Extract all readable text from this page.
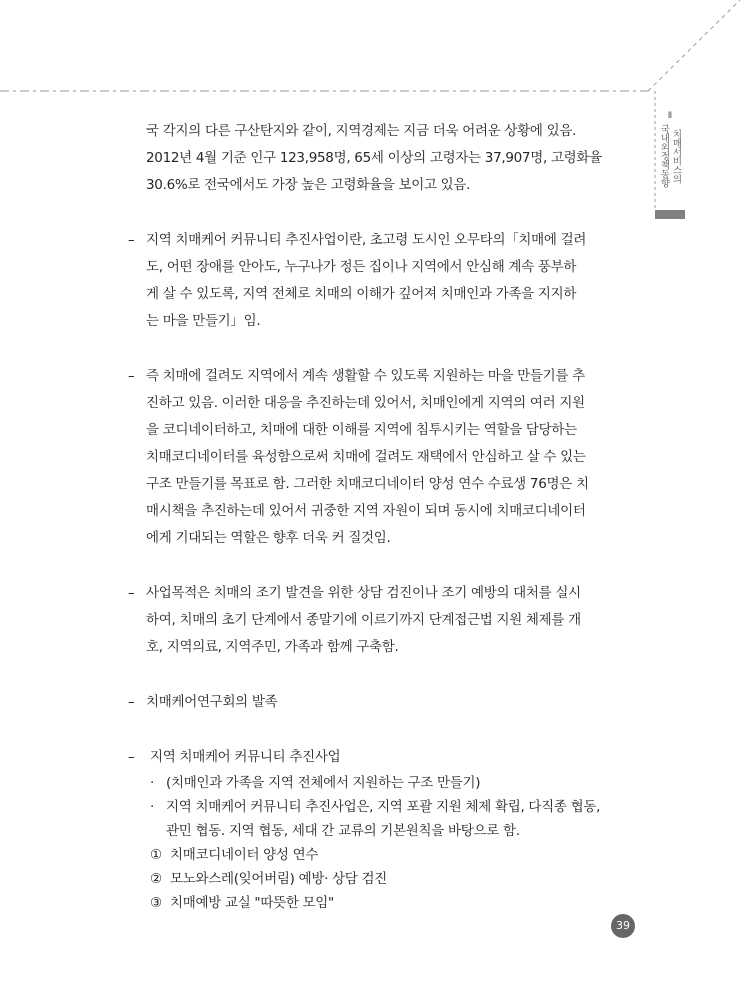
Ⅱ
국내외정책동향 치매서비스의
국 각지의 다른 구산탄지와 같이, 지역경제는 지금 더욱 어려운 상황에 있음.
2012년 4월 기준 인구 123,958명, 65세 이상의 고령자는 37,907명, 고령화율
30.6%로 전국에서도 가장 높은 고령화율을 보이고 있음.
– 지역 치매케어 커뮤니티 추진사업이란, 초고령 도시인 오무타의「치매에 걸려
도, 어떤 장애를 안아도, 누구나가 정든 집이나 지역에서 안심해 계속 풍부하
게 살 수 있도록, 지역 전체로 치매의 이해가 깊어져 치매인과 가족을 지지하
는 마을 만들기」임.
– 즉 치매에 걸려도 지역에서 계속 생활할 수 있도록 지원하는 마을 만들기를 추
진하고 있음. 이러한 대응을 추진하는데 있어서, 치매인에게 지역의 여러 지원
을 코디네이터하고, 치매에 대한 이해를 지역에 침투시키는 역할을 담당하는
치매코디네이터를 육성함으로써 치매에 걸려도 재택에서 안심하고 살 수 있는
구조 만들기를 목표로 함. 그러한 치매코디네이터 양성 연수 수료생 76명은 치
매시책을 추진하는데 있어서 귀중한 지역 자원이 되며 동시에 치매코디네이터
에게 기대되는 역할은 향후 더욱 커 질것임.
– 사업목적은 치매의 조기 발견을 위한 상담 검진이나 조기 예방의 대처를 실시
하여, 치매의 초기 단계에서 종말기에 이르기까지 단계접근법 지원 체제를 개
호, 지역의료, 지역주민, 가족과 함께 구축함.
– 치매케어연구회의 발족
– 지역 치매케어 커뮤니티 추진사업
· (치매인과 가족을 지역 전체에서 지원하는 구조 만들기)
· 지역 치매케어 커뮤니티 추진사업은, 지역 포괄 지원 체제 확립, 다직종 협동,
관민 협동. 지역 협동, 세대 간 교류의 기본원칙을 바탕으로 함.
① 치매코디네이터 양성 연수
② 모노와스레(잊어버림) 예방· 상담 검진
③ 치매예방 교실 "따뜻한 모임"
39
